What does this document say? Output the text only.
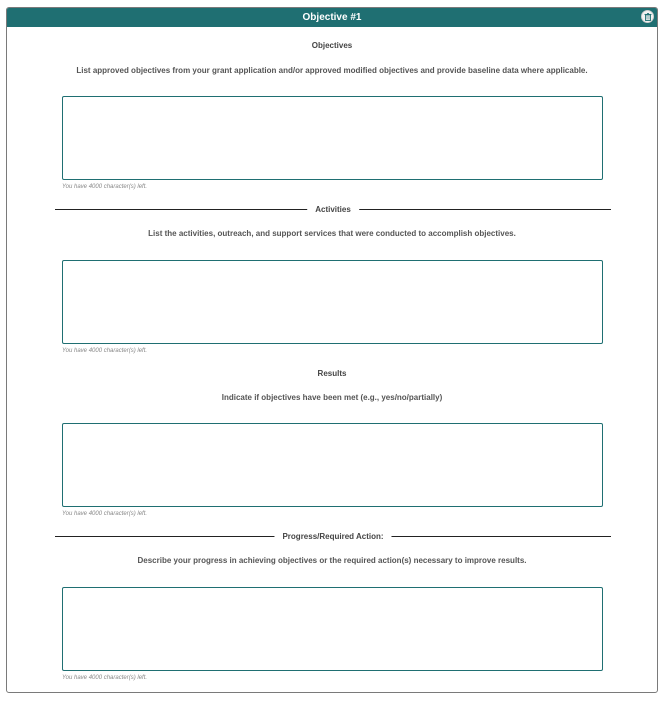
Objective #1
Objectives
List approved objectives from your grant application and/or approved modified objectives and provide baseline data where applicable.
You have 4000 character(s) left.
Activities
List the activities, outreach, and support services that were conducted to accomplish objectives.
You have 4000 character(s) left.
Results
Indicate if objectives have been met (e.g., yes/no/partially)
You have 4000 character(s) left.
Progress/Required Action:
Describe your progress in achieving objectives or the required action(s) necessary to improve results.
You have 4000 character(s) left.
